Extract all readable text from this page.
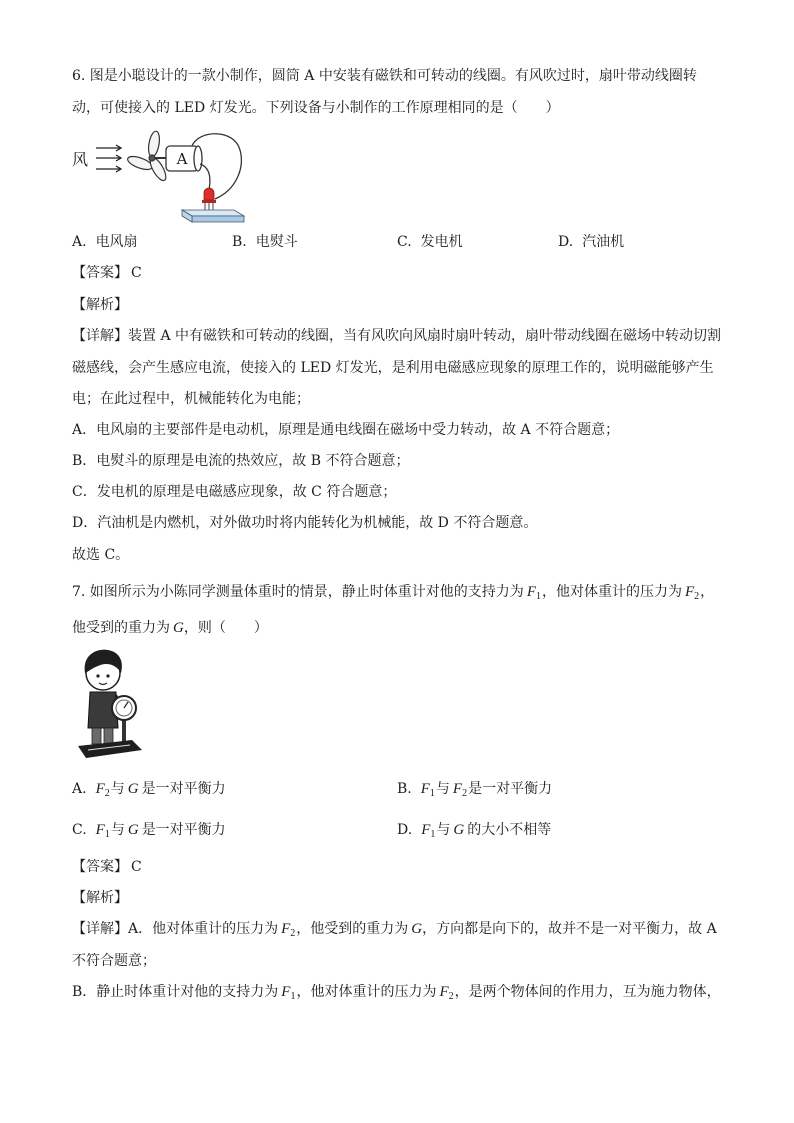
6. 图是小聪设计的一款小制作，圆筒 A 中安装有磁铁和可转动的线圈。有风吹过时，扇叶带动线圈转
动，可使接入的 LED 灯发光。下列设备与小制作的工作原理相同的是（　　）
风	A
A. 电风扇	B. 电熨斗	C. 发电机	D. 汽油机
【答案】 C
【解析】
【详解】装置 A 中有磁铁和可转动的线圈，当有风吹向风扇时扇叶转动，扇叶带动线圈在磁场中转动切割
磁感线，会产生感应电流，使接入的 LED 灯发光，是利用电磁感应现象的原理工作的，说明磁能够产生
电；在此过程中，机械能转化为电能；
A．电风扇的主要部件是电动机，原理是通电线圈在磁场中受力转动，故 A 不符合题意；
B．电熨斗的原理是电流的热效应，故 B 不符合题意；
C．发电机的原理是电磁感应现象，故 C 符合题意；
D．汽油机是内燃机，对外做功时将内能转化为机械能，故 D 不符合题意。
故选 C。
7. 如图所示为小陈同学测量体重时的情景，静止时体重计对他的支持力为 $F_1$，他对体重计的压力为 $F_2$，
他受到的重力为 G，则（　　）
A. $F_2$与 G 是一对平衡力	B. $F_1$与 $F_2$是一对平衡力
C. $F_1$与 G 是一对平衡力	D. $F_1$与 G 的大小不相等
【答案】 C
【解析】
【详解】A．他对体重计的压力为 $F_2$，他受到的重力为 G，方向都是向下的，故并不是一对平衡力，故 A
不符合题意；
B．静止时体重计对他的支持力为 $F_1$，他对体重计的压力为 $F_2$，是两个物体间的作用力，互为施力物体，
